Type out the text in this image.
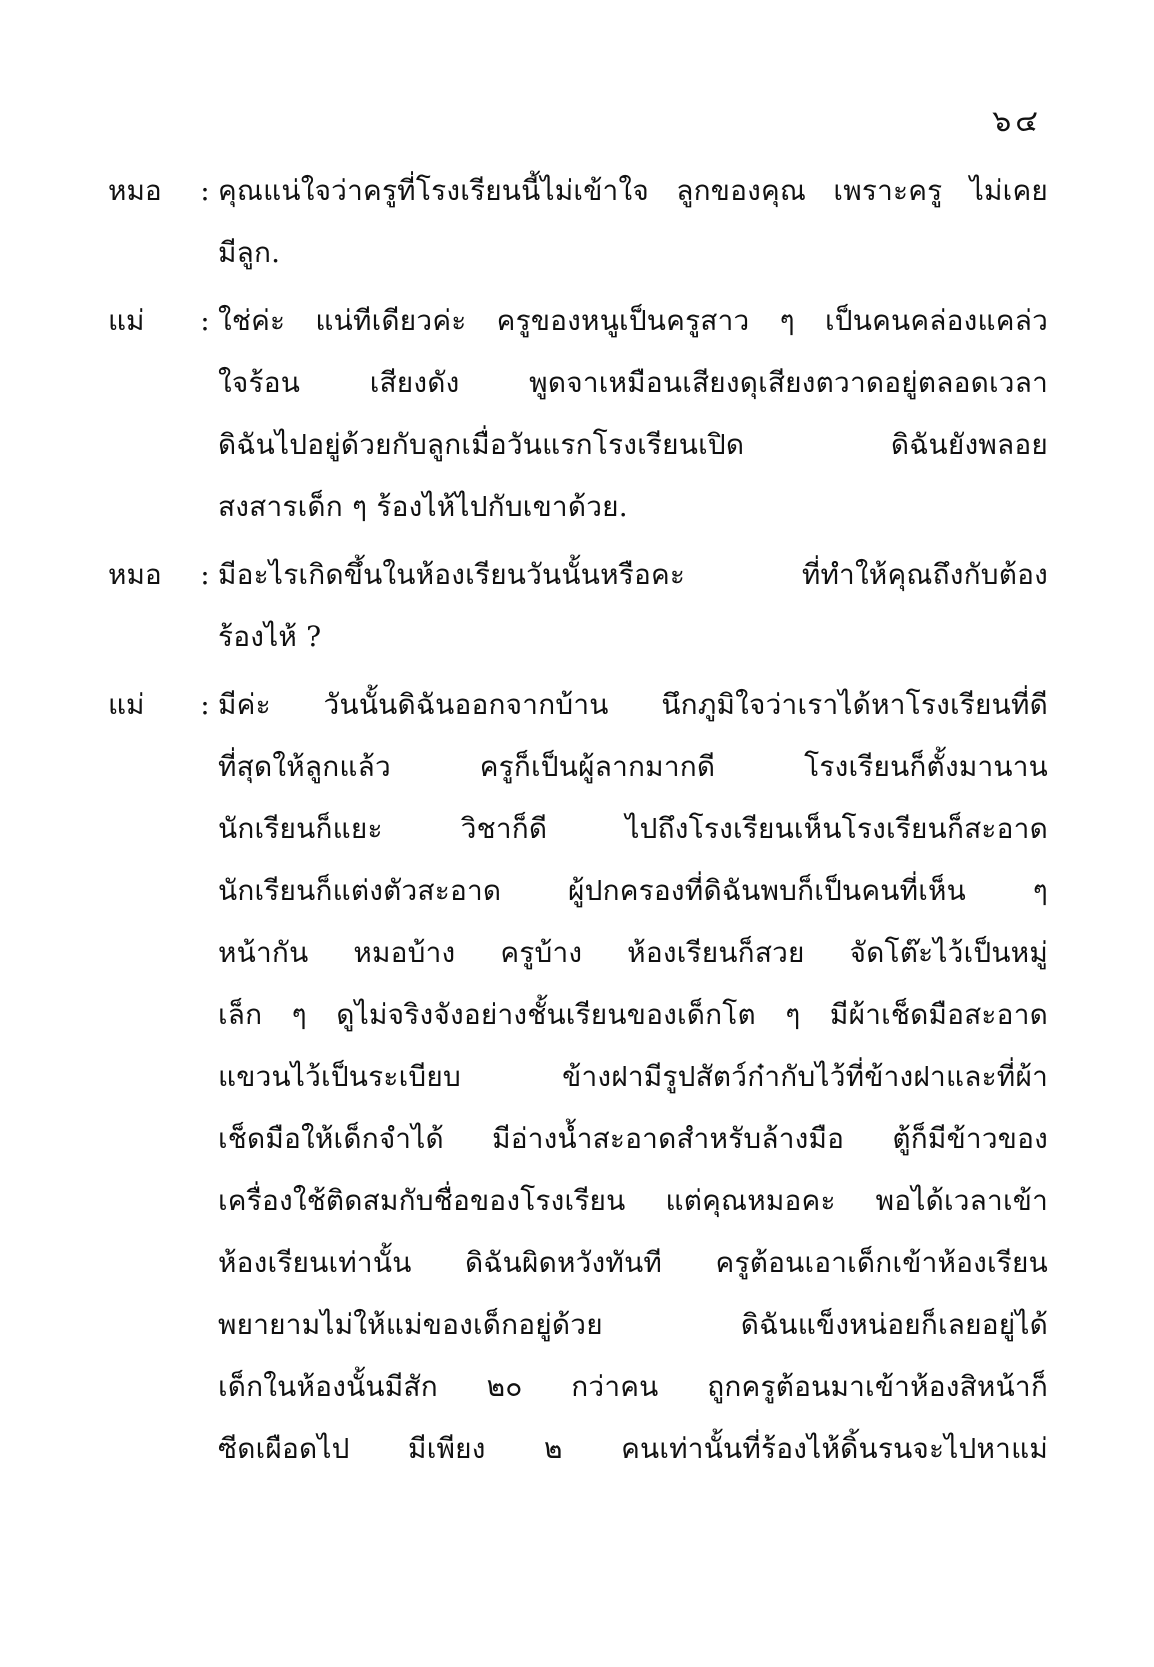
๖๔
หมอ	: คุณแน่ใจว่าครูที่โรงเรียนนี้ไม่เข้าใจ ลูกของคุณ เพราะครู ไม่เคย
มีลูก.
แม่	: ใช่ค่ะ แน่ทีเดียวค่ะ ครูของหนูเป็นครูสาว ๆ เป็นคนคล่องแคล่ว
ใจร้อน เสียงดัง พูดจาเหมือนเสียงดุเสียงตวาดอยู่ตลอดเวลา
ดิฉันไปอยู่ด้วยกับลูกเมื่อวันแรกโรงเรียนเปิด ดิฉันยังพลอย
สงสารเด็ก ๆ ร้องไห้ไปกับเขาด้วย.
หมอ	: มีอะไรเกิดขึ้นในห้องเรียนวันนั้นหรือคะ ที่ทำให้คุณถึงกับต้อง
ร้องไห้ ?
แม่	: มีค่ะ วันนั้นดิฉันออกจากบ้าน นึกภูมิใจว่าเราได้หาโรงเรียนที่ดี
ที่สุดให้ลูกแล้ว ครูก็เป็นผู้ลากมากดี โรงเรียนก็ตั้งมานาน
นักเรียนก็แยะ วิชาก็ดี ไปถึงโรงเรียนเห็นโรงเรียนก็สะอาด
นักเรียนก็แต่งตัวสะอาด ผู้ปกครองที่ดิฉันพบก็เป็นคนที่เห็น ๆ
หน้ากัน หมอบ้าง ครูบ้าง ห้องเรียนก็สวย จัดโต๊ะไว้เป็นหมู่
เล็ก ๆ ดูไม่จริงจังอย่างชั้นเรียนของเด็กโต ๆ มีผ้าเช็ดมือสะอาด
แขวนไว้เป็นระเบียบ ข้างฝามีรูปสัตว์ก๋ากับไว้ที่ข้างฝาและที่ผ้า
เช็ดมือให้เด็กจำได้ มีอ่างน้ำสะอาดสำหรับล้างมือ ตู้ก็มีข้าวของ
เครื่องใช้ติดสมกับชื่อของโรงเรียน แต่คุณหมอคะ พอได้เวลาเข้า
ห้องเรียนเท่านั้น ดิฉันผิดหวังทันที ครูต้อนเอาเด็กเข้าห้องเรียน
พยายามไม่ให้แม่ของเด็กอยู่ด้วย ดิฉันแข็งหน่อยก็เลยอยู่ได้
เด็กในห้องนั้นมีสัก ๒๐ กว่าคน ถูกครูต้อนมาเข้าห้องสิหน้าก็
ซีดเผือดไป มีเพียง ๒ คนเท่านั้นที่ร้องไห้ดิ้นรนจะไปหาแม่
